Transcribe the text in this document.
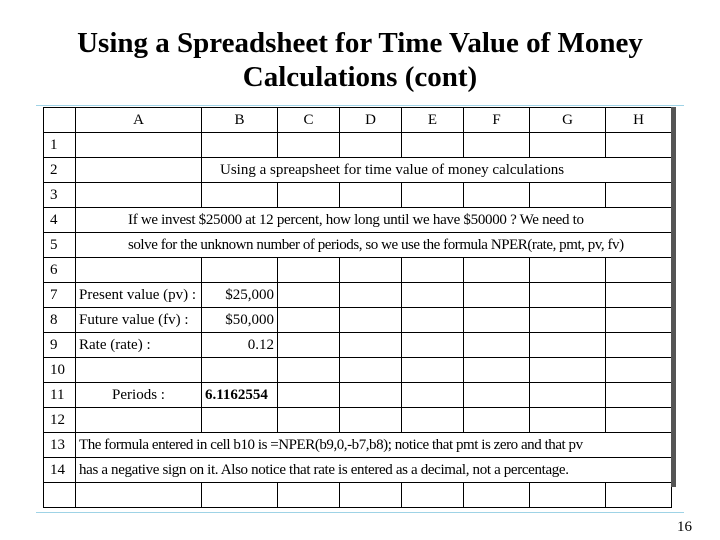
Using a Spreadsheet for Time Value of Money
Calculations (cont)
	A	B	C	D	E	F	G	H
1								
2		Using a spreapsheet for time value of money calculations						
3								
4	If we invest $25000 at 12 percent, how long until we have $50000 ? We need to							
5	solve for the unknown number of periods, so we use the formula NPER(rate, pmt, pv, fv)							
6								
7	Present value (pv) :	$25,000						
8	Future value (fv) :	$50,000						
9	Rate (rate) :	0.12						
10								
11	Periods :	6.1162554						
12								
13	The formula entered in cell b10 is =NPER(b9,0,-b7,b8); notice that pmt is zero and that pv							
14	has a negative sign on it. Also notice that rate is entered as a decimal, not a percentage.							

16
